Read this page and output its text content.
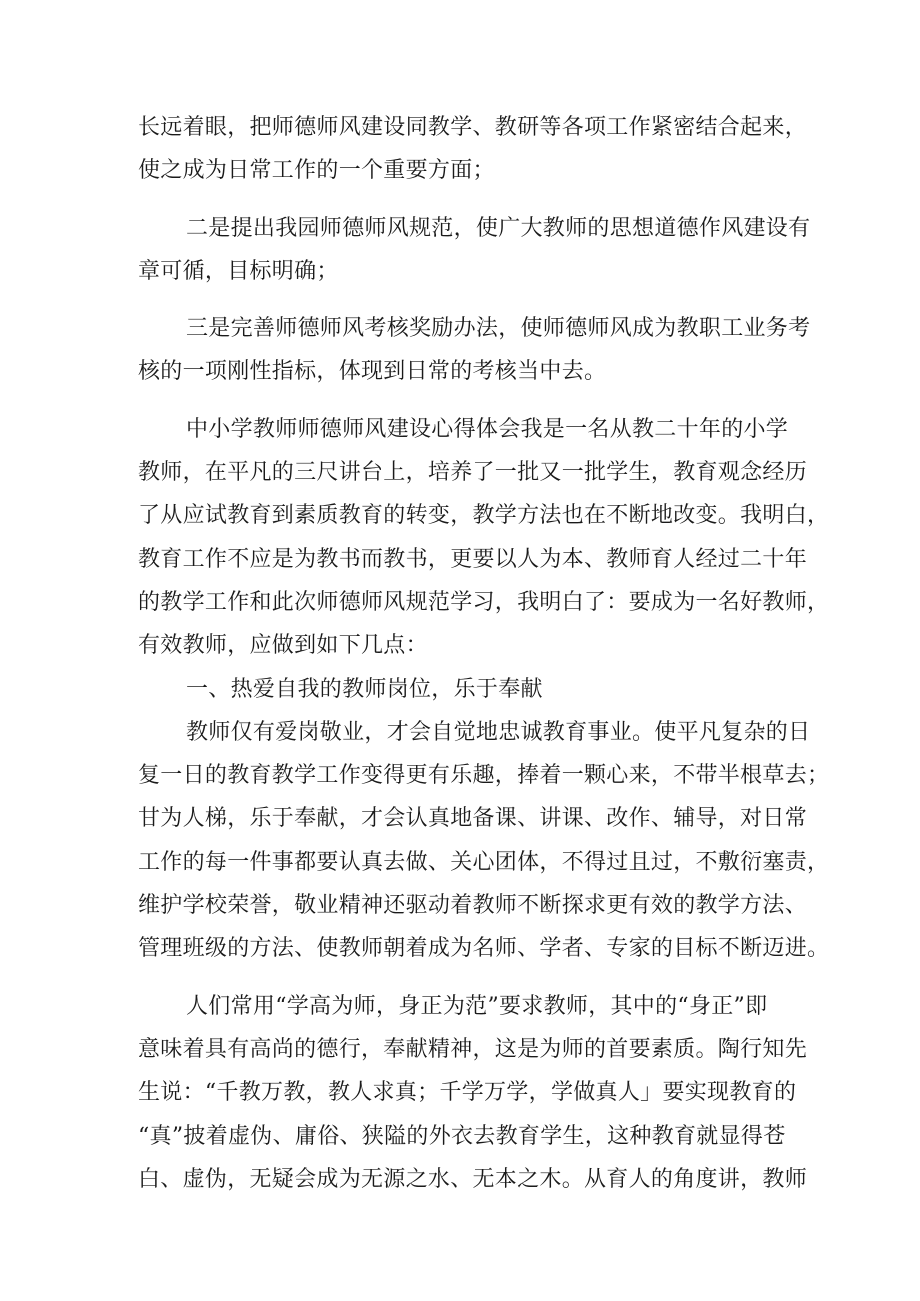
长远着眼，把师德师风建设同教学、教研等各项工作紧密结合起来，
使之成为日常工作的一个重要方面；
二是提出我园师德师风规范，使广大教师的思想道德作风建设有
章可循，目标明确；
三是完善师德师风考核奖励办法，使师德师风成为教职工业务考
核的一项刚性指标，体现到日常的考核当中去。
中小学教师师德师风建设心得体会我是一名从教二十年的小学
教师，在平凡的三尺讲台上，培养了一批又一批学生，教育观念经历
了从应试教育到素质教育的转变，教学方法也在不断地改变。我明白，
教育工作不应是为教书而教书，更要以人为本、教师育人经过二十年
的教学工作和此次师德师风规范学习，我明白了：要成为一名好教师，
有效教师，应做到如下几点：
一、热爱自我的教师岗位，乐于奉献
教师仅有爱岗敬业，才会自觉地忠诚教育事业。使平凡复杂的日
复一日的教育教学工作变得更有乐趣，捧着一颗心来，不带半根草去；
甘为人梯，乐于奉献，才会认真地备课、讲课、改作、辅导，对日常
工作的每一件事都要认真去做、关心团体，不得过且过，不敷衍塞责，
维护学校荣誉，敬业精神还驱动着教师不断探求更有效的教学方法、
管理班级的方法、使教师朝着成为名师、学者、专家的目标不断迈进。
人们常用“学高为师，身正为范”要求教师，其中的“身正”即
意味着具有高尚的德行，奉献精神，这是为师的首要素质。陶行知先
生说：“千教万教，教人求真；千学万学，学做真人」要实现教育的
“真”披着虚伪、庸俗、狭隘的外衣去教育学生，这种教育就显得苍
白、虚伪，无疑会成为无源之水、无本之木。从育人的角度讲，教师
